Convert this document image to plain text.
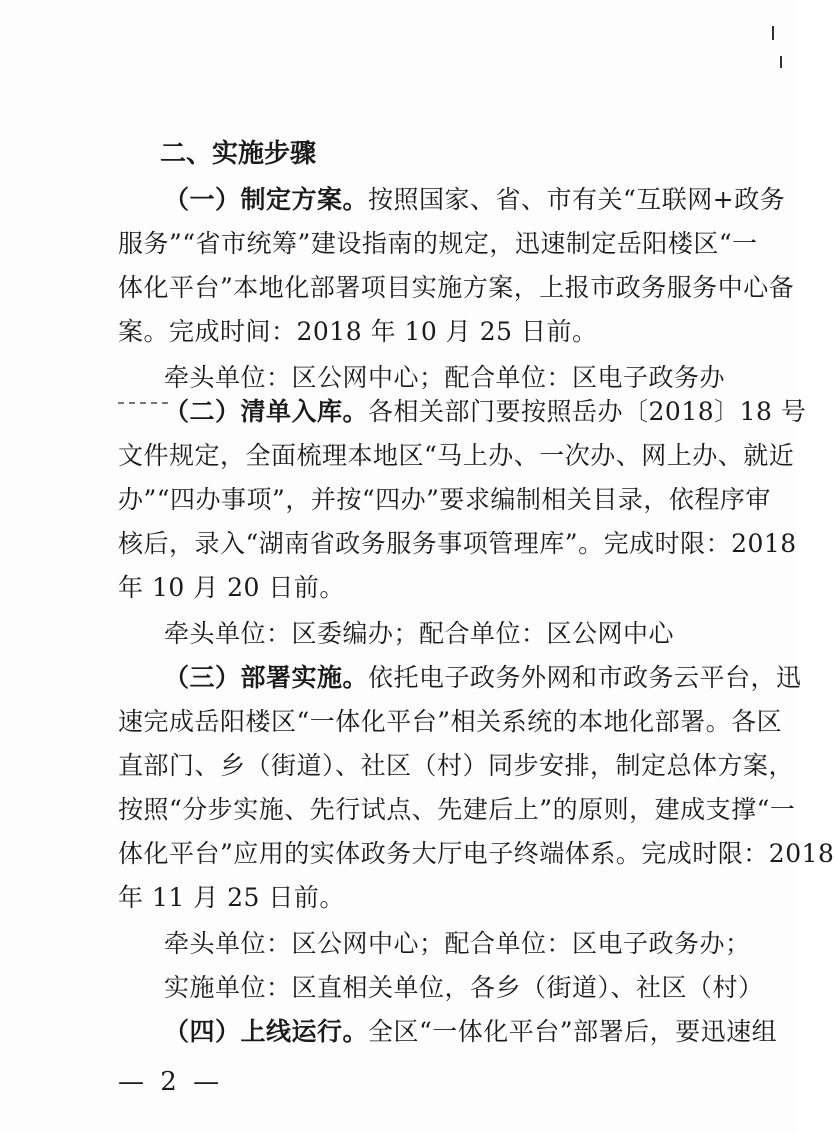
二、实施步骤
（一）制定方案。按照国家、省、市有关“互联网+政务
服务”“省市统筹”建设指南的规定，迅速制定岳阳楼区“一
体化平台”本地化部署项目实施方案，上报市政务服务中心备
案。完成时间：2018 年 10 月 25 日前。
牵头单位：区公网中心；配合单位：区电子政务办
（二）清单入库。各相关部门要按照岳办〔2018〕18 号
文件规定，全面梳理本地区“马上办、一次办、网上办、就近
办”“四办事项”，并按“四办”要求编制相关目录，依程序审
核后，录入“湖南省政务服务事项管理库”。完成时限：2018
年 10 月 20 日前。
牵头单位：区委编办；配合单位：区公网中心
（三）部署实施。依托电子政务外网和市政务云平台，迅
速完成岳阳楼区“一体化平台”相关系统的本地化部署。各区
直部门、乡（街道）、社区（村）同步安排，制定总体方案，
按照“分步实施、先行试点、先建后上”的原则，建成支撑“一
体化平台”应用的实体政务大厅电子终端体系。完成时限：2018
年 11 月 25 日前。
牵头单位：区公网中心；配合单位：区电子政务办；
实施单位：区直相关单位，各乡（街道）、社区（村）
（四）上线运行。全区“一体化平台”部署后，要迅速组
— 2 —
